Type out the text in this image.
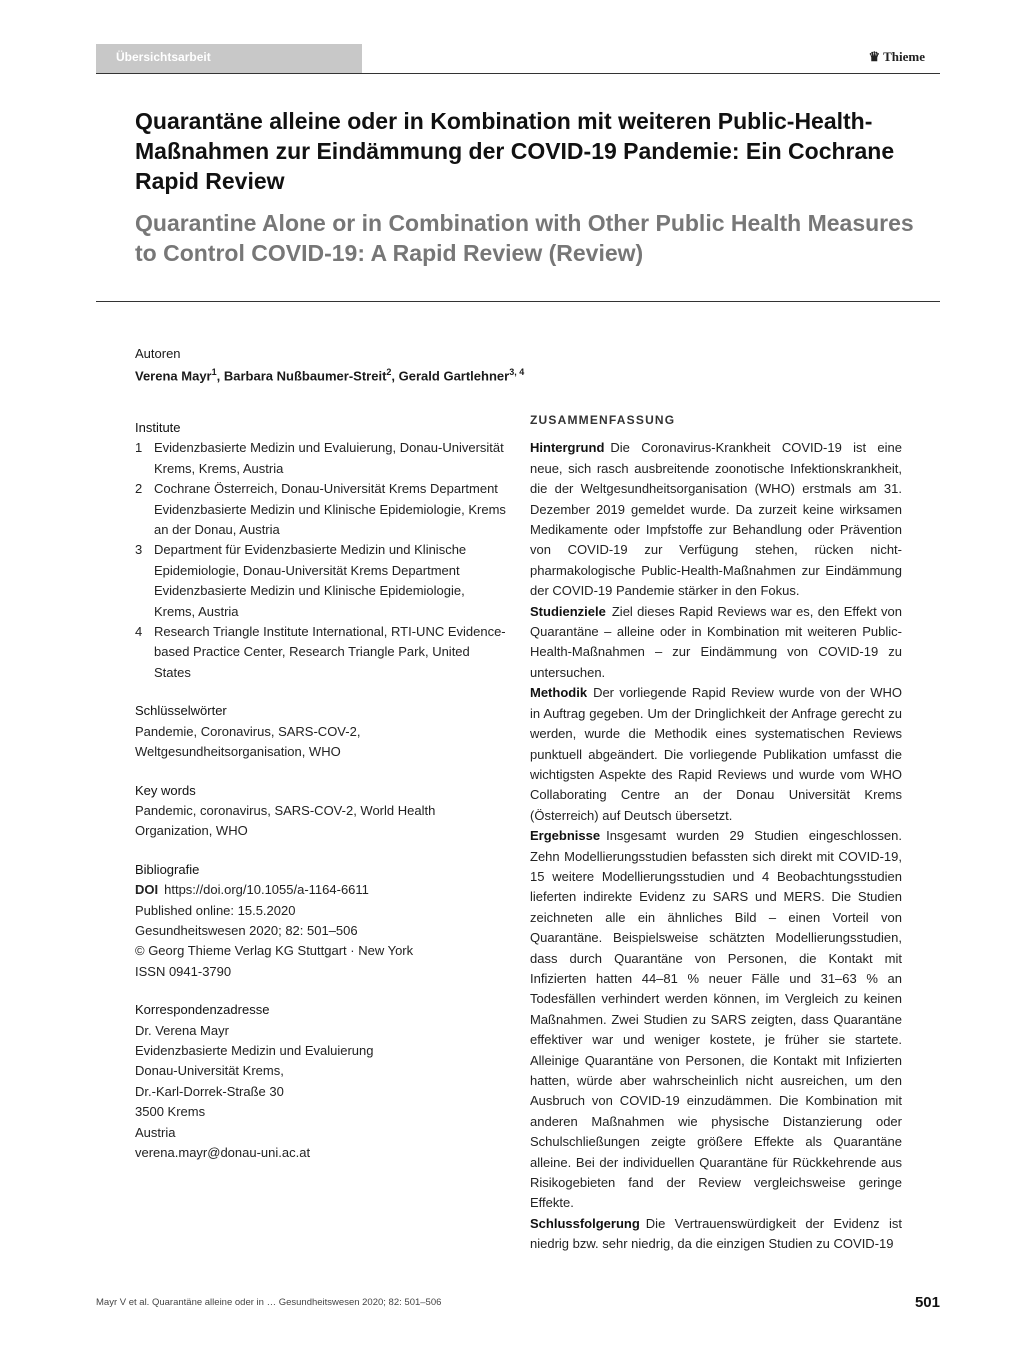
Übersichtsarbeit	♛ Thieme
Quarantäne alleine oder in Kombination mit weiteren Public-Health-Maßnahmen zur Eindämmung der COVID-19 Pandemie: Ein Cochrane Rapid Review
Quarantine Alone or in Combination with Other Public Health Measures to Control COVID-19: A Rapid Review (Review)
Autoren
Verena Mayr$^1$, Barbara Nußbaumer-Streit$^2$, Gerald Gartlehner$^{3, 4}$
Institute
1 Evidenzbasierte Medizin und Evaluierung, Donau-Universität Krems, Krems, Austria
2 Cochrane Österreich, Donau-Universität Krems Department Evidenzbasierte Medizin und Klinische Epidemiologie, Krems an der Donau, Austria
3 Department für Evidenzbasierte Medizin und Klinische Epidemiologie, Donau-Universität Krems Department Evidenzbasierte Medizin und Klinische Epidemiologie, Krems, Austria
4 Research Triangle Institute International, RTI-UNC Evidence-based Practice Center, Research Triangle Park, United States
Schlüsselwörter
Pandemie, Coronavirus, SARS-COV-2, Weltgesundheitsorganisation, WHO
Key words
Pandemic, coronavirus, SARS-COV-2, World Health Organization, WHO
Bibliografie
DOI https://doi.org/10.1055/a-1164-6611
Published online: 15.5.2020
Gesundheitswesen 2020; 82: 501–506
© Georg Thieme Verlag KG Stuttgart · New York
ISSN 0941-3790
Korrespondenzadresse
Dr. Verena Mayr
Evidenzbasierte Medizin und Evaluierung
Donau-Universität Krems,
Dr.-Karl-Dorrek-Straße 30
3500 Krems
Austria
verena.mayr@donau-uni.ac.at
ZUSAMMENFASSUNG

Hintergrund Die Coronavirus-Krankheit COVID-19 ist eine neue, sich rasch ausbreitende zoonotische Infektionskrankheit, die der Weltgesundheitsorganisation (WHO) erstmals am 31. Dezember 2019 gemeldet wurde. Da zurzeit keine wirksamen Medikamente oder Impfstoffe zur Behandlung oder Prävention von COVID-19 zur Verfügung stehen, rücken nicht-pharmakologische Public-Health-Maßnahmen zur Eindämmung der COVID-19 Pandemie stärker in den Fokus.

Studienziele Ziel dieses Rapid Reviews war es, den Effekt von Quarantäne – alleine oder in Kombination mit weiteren Public-Health-Maßnahmen – zur Eindämmung von COVID-19 zu untersuchen.

Methodik Der vorliegende Rapid Review wurde von der WHO in Auftrag gegeben. Um der Dringlichkeit der Anfrage gerecht zu werden, wurde die Methodik eines systematischen Reviews punktuell abgeändert. Die vorliegende Publikation umfasst die wichtigsten Aspekte des Rapid Reviews und wurde vom WHO Collaborating Centre an der Donau Universität Krems (Österreich) auf Deutsch übersetzt.

Ergebnisse Insgesamt wurden 29 Studien eingeschlossen. Zehn Modellierungsstudien befassten sich direkt mit COVID-19, 15 weitere Modellierungsstudien und 4 Beobachtungsstudien lieferten indirekte Evidenz zu SARS und MERS. Die Studien zeichneten alle ein ähnliches Bild – einen Vorteil von Quarantäne. Beispielsweise schätzten Modellierungsstudien, dass durch Quarantäne von Personen, die Kontakt mit Infizierten hatten 44–81 % neuer Fälle und 31–63 % an Todesfällen verhindert werden können, im Vergleich zu keinen Maßnahmen. Zwei Studien zu SARS zeigten, dass Quarantäne effektiver war und weniger kostete, je früher sie startete. Alleinige Quarantäne von Personen, die Kontakt mit Infizierten hatten, würde aber wahrscheinlich nicht ausreichen, um den Ausbruch von COVID-19 einzudämmen. Die Kombination mit anderen Maßnahmen wie physische Distanzierung oder Schulschließungen zeigte größere Effekte als Quarantäne alleine. Bei der individuellen Quarantäne für Rückkehrende aus Risikogebieten fand der Review vergleichsweise geringe Effekte.

Schlussfolgerung Die Vertrauenswürdigkeit der Evidenz ist niedrig bzw. sehr niedrig, da die einzigen Studien zu COVID-19

Mayr V et al. Quarantäne alleine oder in … Gesundheitswesen 2020; 82: 501–506	501
